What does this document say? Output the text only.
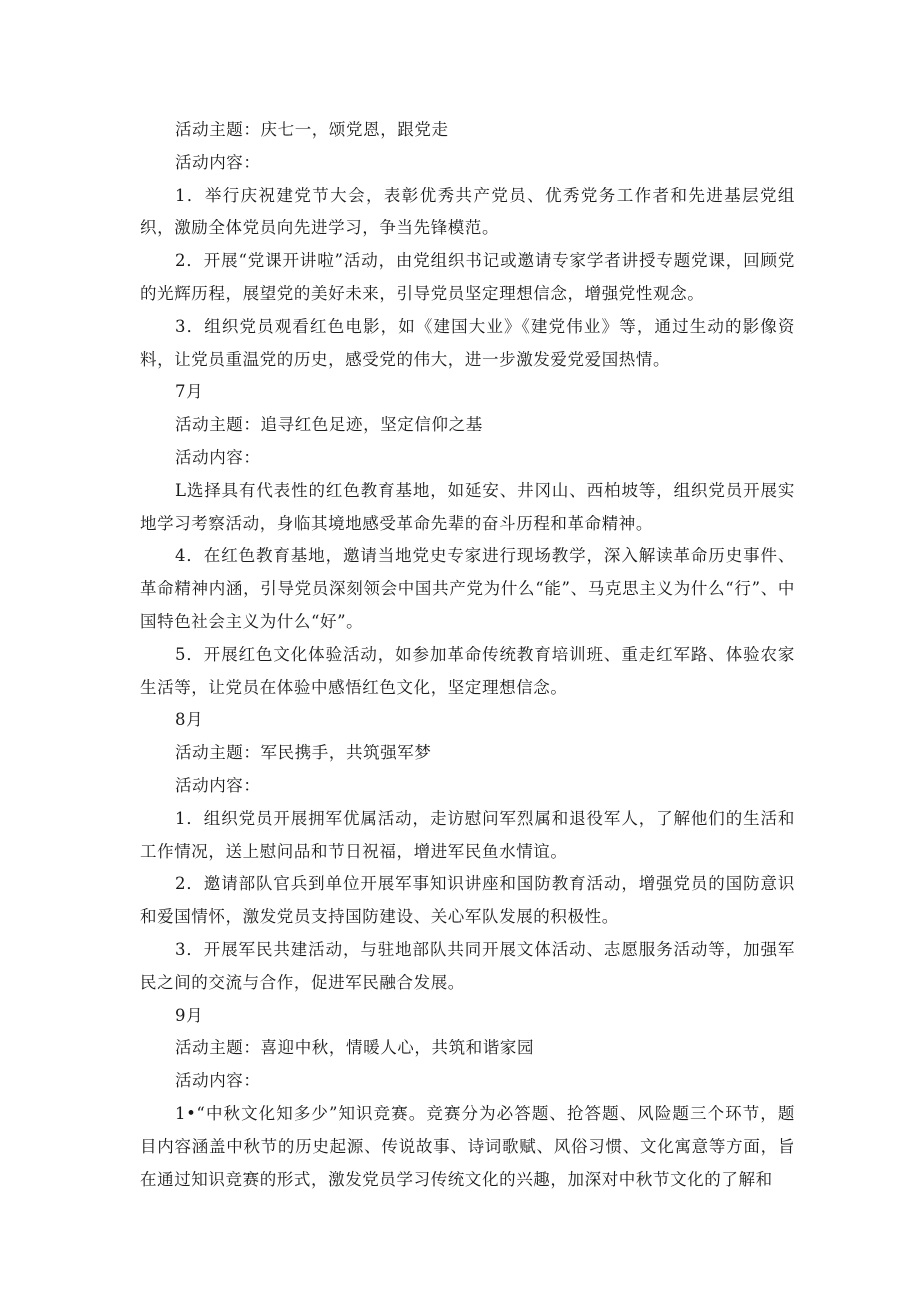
活动主题：庆七一，颂党恩，跟党走

活动内容：

1．举行庆祝建党节大会，表彰优秀共产党员、优秀党务工作者和先进基层党组织，激励全体党员向先进学习，争当先锋模范。

2．开展“党课开讲啦”活动，由党组织书记或邀请专家学者讲授专题党课，回顾党的光辉历程，展望党的美好未来，引导党员坚定理想信念，增强党性观念。

3．组织党员观看红色电影，如《建国大业》《建党伟业》等，通过生动的影像资料，让党员重温党的历史，感受党的伟大，进一步激发爱党爱国热情。

7月

活动主题：追寻红色足迹，坚定信仰之基

活动内容：

L选择具有代表性的红色教育基地，如延安、井冈山、西柏坡等，组织党员开展实地学习考察活动，身临其境地感受革命先辈的奋斗历程和革命精神。

4．在红色教育基地，邀请当地党史专家进行现场教学，深入解读革命历史事件、革命精神内涵，引导党员深刻领会中国共产党为什么“能”、马克思主义为什么“行”、中国特色社会主义为什么“好”。

5．开展红色文化体验活动，如参加革命传统教育培训班、重走红军路、体验农家生活等，让党员在体验中感悟红色文化，坚定理想信念。

8月

活动主题：军民携手，共筑强军梦

活动内容：

1．组织党员开展拥军优属活动，走访慰问军烈属和退役军人，了解他们的生活和工作情况，送上慰问品和节日祝福，增进军民鱼水情谊。

2．邀请部队官兵到单位开展军事知识讲座和国防教育活动，增强党员的国防意识和爱国情怀，激发党员支持国防建设、关心军队发展的积极性。

3．开展军民共建活动，与驻地部队共同开展文体活动、志愿服务活动等，加强军民之间的交流与合作，促进军民融合发展。

9月

活动主题：喜迎中秋，情暖人心，共筑和谐家园

活动内容：

1•“中秋文化知多少”知识竞赛。竞赛分为必答题、抢答题、风险题三个环节，题目内容涵盖中秋节的历史起源、传说故事、诗词歌赋、风俗习惯、文化寓意等方面，旨在通过知识竞赛的形式，激发党员学习传统文化的兴趣，加深对中秋节文化的了解和
